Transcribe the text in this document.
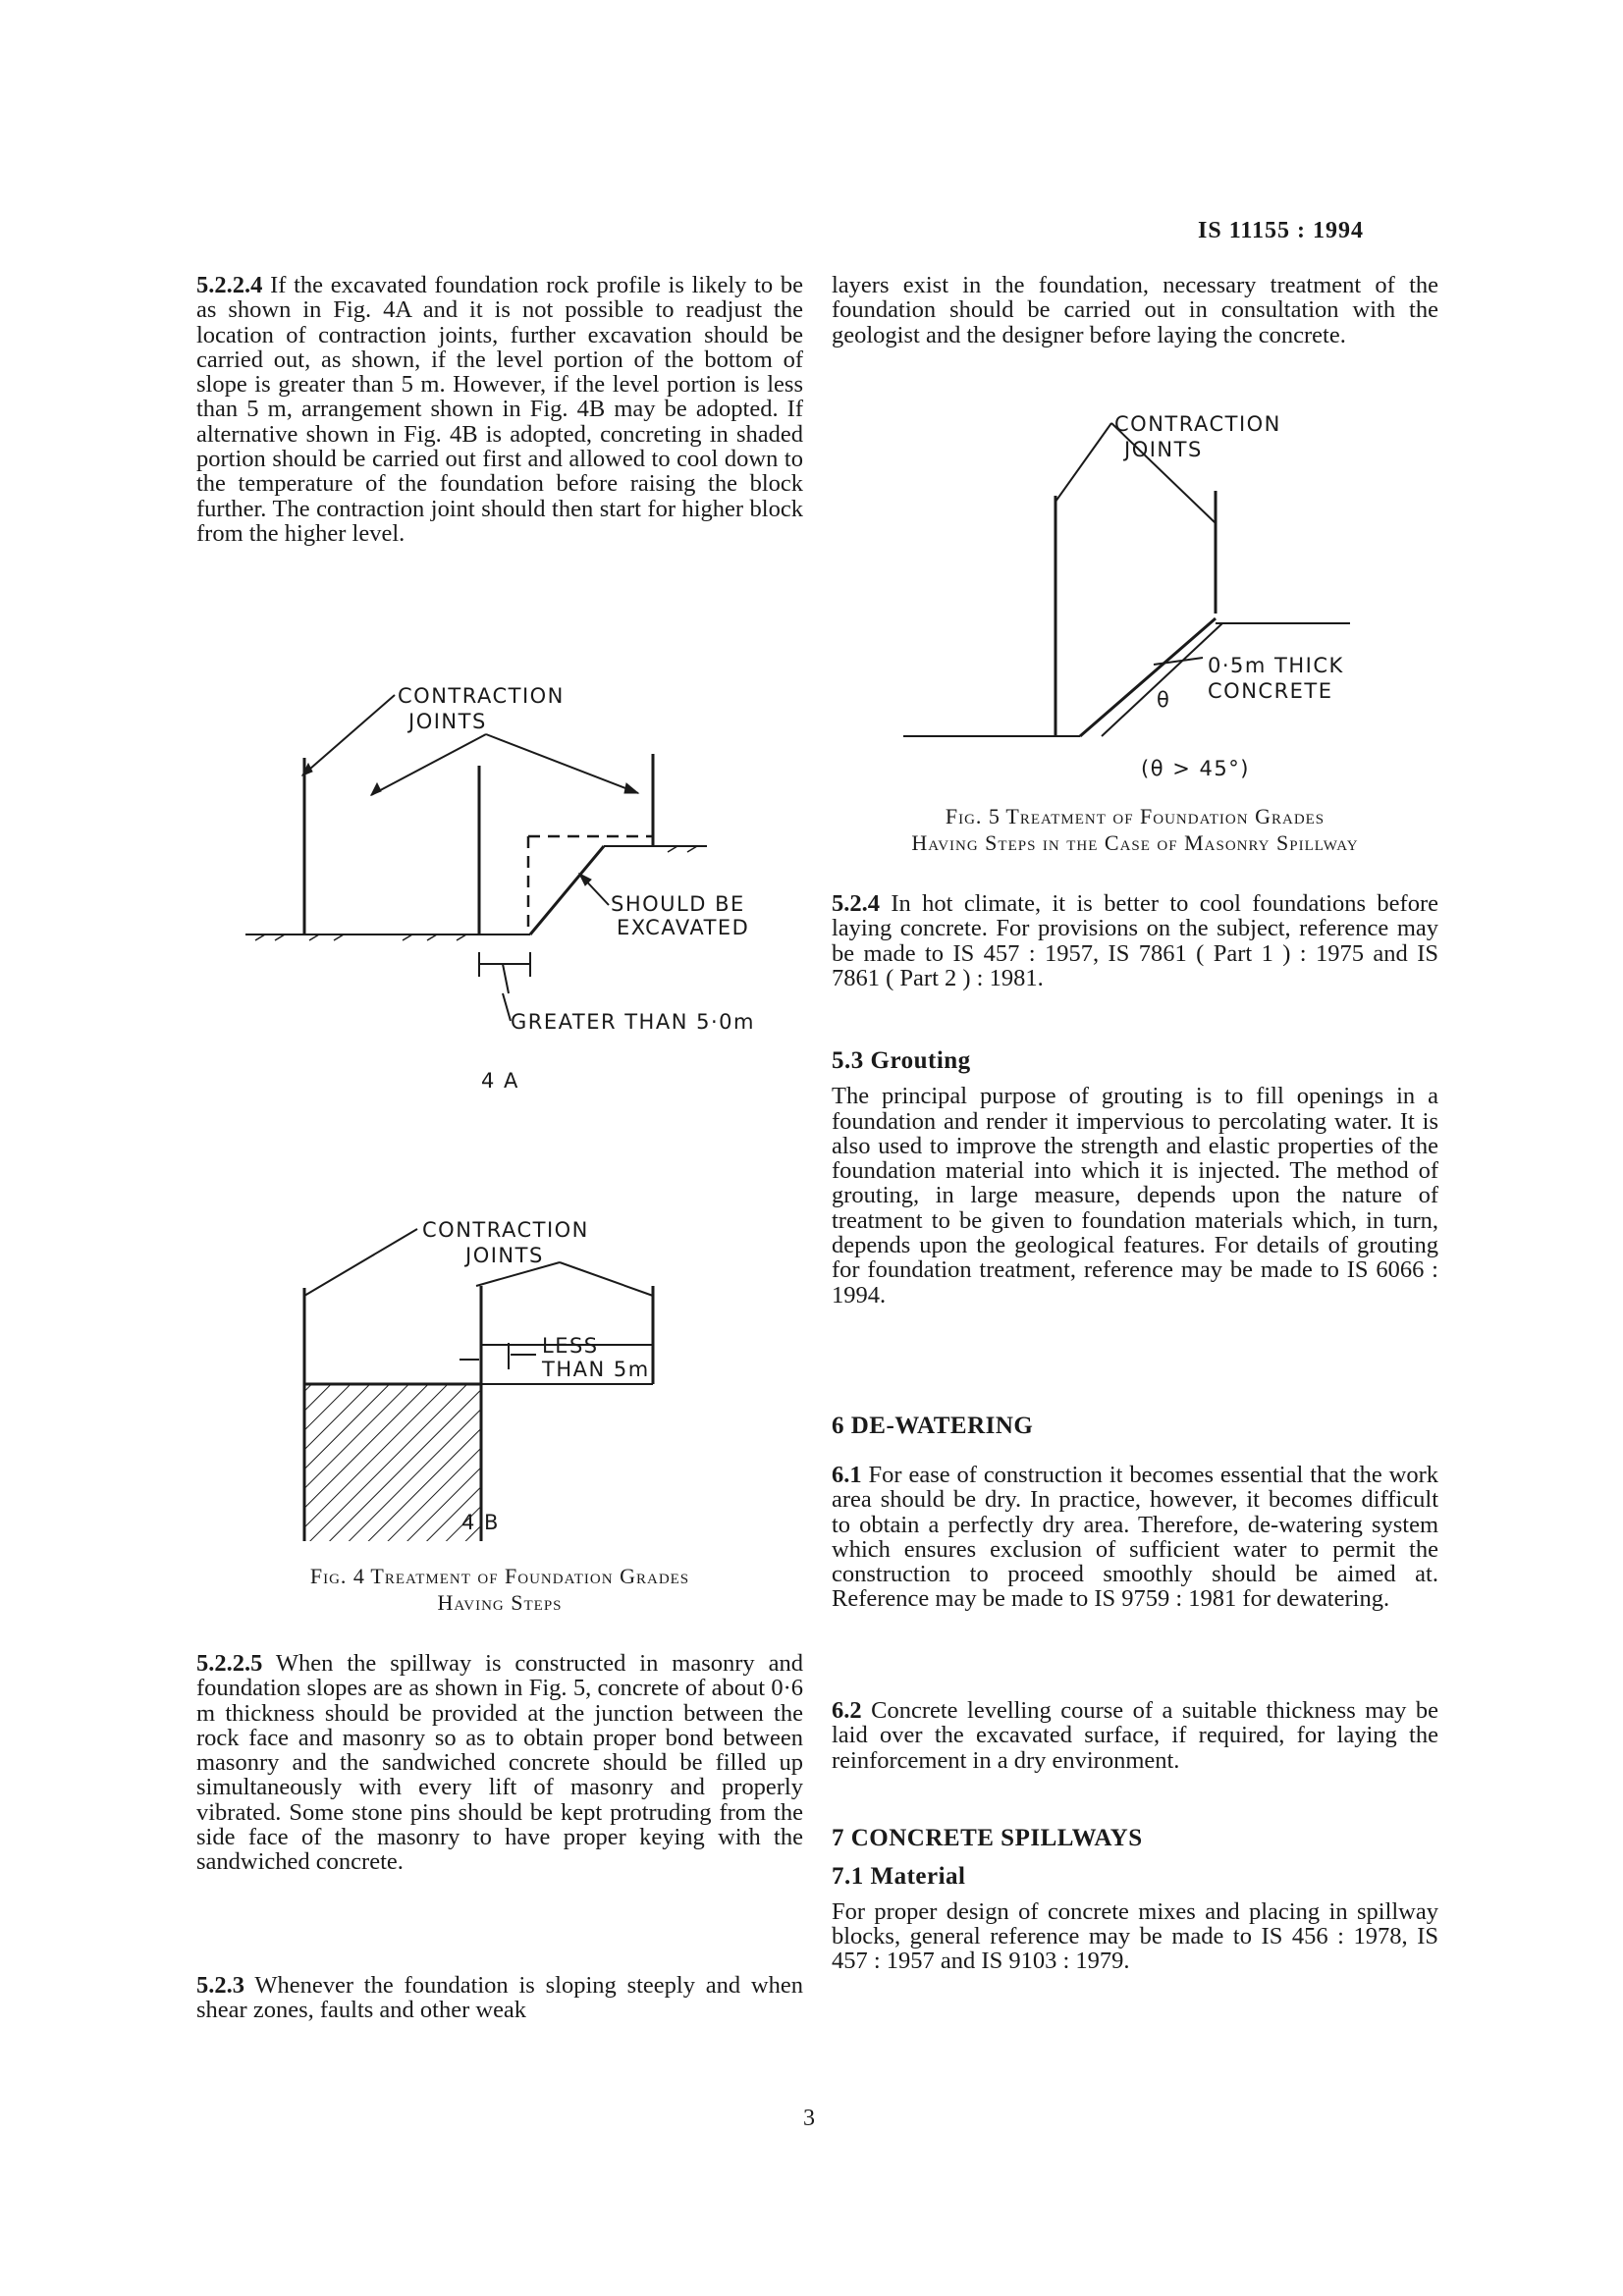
IS 11155 : 1994

5.2.2.4 If the excavated foundation rock profile is likely to be as shown in Fig. 4A and it is not possible to readjust the location of contraction joints, further excavation should be carried out, as shown, if the level portion of the bottom of slope is greater than 5 m. However, if the level portion is less than 5 m, arrangement shown in Fig. 4B may be adopted. If alternative shown in Fig. 4B is adopted, concreting in shaded portion should be carried out first and allowed to cool down to the temperature of the foundation before raising the block further. The contraction joint should then start for higher block from the higher level.

CONTRACTION
JOINTS
SHOULD BE
EXCAVATED
GREATER THAN 5·0m
4 A
CONTRACTION
JOINTS
LESS
THAN 5m
4 B
Fig. 4 Treatment of Foundation Grades
Having Steps

5.2.2.5 When the spillway is constructed in masonry and foundation slopes are as shown in Fig. 5, concrete of about 0·6 m thickness should be provided at the junction between the rock face and masonry so as to obtain proper bond between masonry and the sandwiched concrete should be filled up simultaneously with every lift of masonry and properly vibrated. Some stone pins should be kept protruding from the side face of the masonry to have proper keying with the sandwiched concrete.

5.2.3 Whenever the foundation is sloping steeply and when shear zones, faults and other weak

layers exist in the foundation, necessary treatment of the foundation should be carried out in consultation with the geologist and the designer before laying the concrete.

CONTRACTION
JOINTS
0·5m THICK
CONCRETE
θ
(θ > 45°)
Fig. 5 Treatment of Foundation Grades
Having Steps in the Case of Masonry Spillway

5.2.4 In hot climate, it is better to cool foundations before laying concrete. For provisions on the subject, reference may be made to IS 457 : 1957, IS 7861 ( Part 1 ) : 1975 and IS 7861 ( Part 2 ) : 1981.

5.3 Grouting

The principal purpose of grouting is to fill openings in a foundation and render it impervious to percolating water. It is also used to improve the strength and elastic properties of the foundation material into which it is injected. The method of grouting, in large measure, depends upon the nature of treatment to be given to foundation materials which, in turn, depends upon the geological features. For details of grouting for foundation treatment, reference may be made to IS 6066 : 1994.

6 DE-WATERING

6.1 For ease of construction it becomes essential that the work area should be dry. In practice, however, it becomes difficult to obtain a perfectly dry area. Therefore, de-watering system which ensures exclusion of sufficient water to permit the construction to proceed smoothly should be aimed at. Reference may be made to IS 9759 : 1981 for dewatering.

6.2 Concrete levelling course of a suitable thickness may be laid over the excavated surface, if required, for laying the reinforcement in a dry environment.

7 CONCRETE SPILLWAYS

7.1 Material

For proper design of concrete mixes and placing in spillway blocks, general reference may be made to IS 456 : 1978, IS 457 : 1957 and IS 9103 : 1979.

3
